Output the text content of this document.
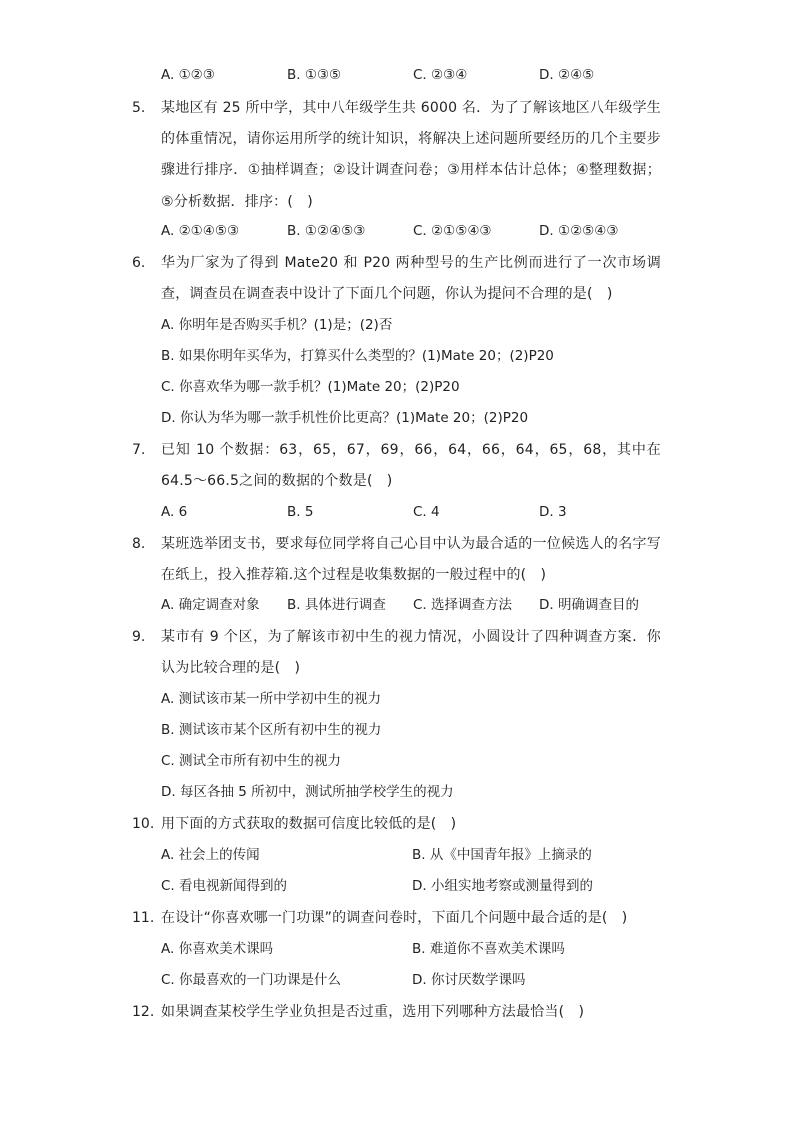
A. ①②③	B. ①③⑤	C. ②③④	D. ②④⑤
5.	某地区有 25 所中学，其中八年级学生共 6000 名．为了了解该地区八年级学生的体重情况，请你运用所学的统计知识，将解决上述问题所要经历的几个主要步骤进行排序．①抽样调查；②设计调查问卷；③用样本估计总体；④整理数据；⑤分析数据．排序：(　)
A. ②①④⑤③	B. ①②④⑤③	C. ②①⑤④③	D. ①②⑤④③
6.	华为厂家为了得到 Mate20 和 P20 两种型号的生产比例而进行了一次市场调查，调查员在调查表中设计了下面几个问题，你认为提问不合理的是(　)
A. 你明年是否购买手机？(1)是；(2)否
B. 如果你明年买华为，打算买什么类型的？(1)Mate 20；(2)P20
C. 你喜欢华为哪一款手机？(1)Mate 20；(2)P20
D. 你认为华为哪一款手机性价比更高？(1)Mate 20；(2)P20
7.	已知 10 个数据：63，65，67，69，66，64，66，64，65，68，其中在64.5～66.5之间的数据的个数是(　)
A. 6	B. 5	C. 4	D. 3
8.	某班选举团支书，要求每位同学将自己心目中认为最合适的一位候选人的名字写在纸上，投入推荐箱.这个过程是收集数据的一般过程中的(　)
A. 确定调查对象 B. 具体进行调查 C. 选择调查方法 D. 明确调查目的
9.	某市有 9 个区，为了解该市初中生的视力情况，小圆设计了四种调查方案．你认为比较合理的是(　)
A. 测试该市某一所中学初中生的视力
B. 测试该市某个区所有初中生的视力
C. 测试全市所有初中生的视力
D. 每区各抽 5 所初中，测试所抽学校学生的视力
10. 用下面的方式获取的数据可信度比较低的是(　)
A. 社会上的传闻	B. 从《中国青年报》上摘录的
C. 看电视新闻得到的	D. 小组实地考察或测量得到的
11. 在设计“你喜欢哪一门功课”的调查问卷时，下面几个问题中最合适的是(　)
A. 你喜欢美术课吗	B. 难道你不喜欢美术课吗
C. 你最喜欢的一门功课是什么	D. 你讨厌数学课吗
12. 如果调查某校学生学业负担是否过重，选用下列哪种方法最恰当(　)
